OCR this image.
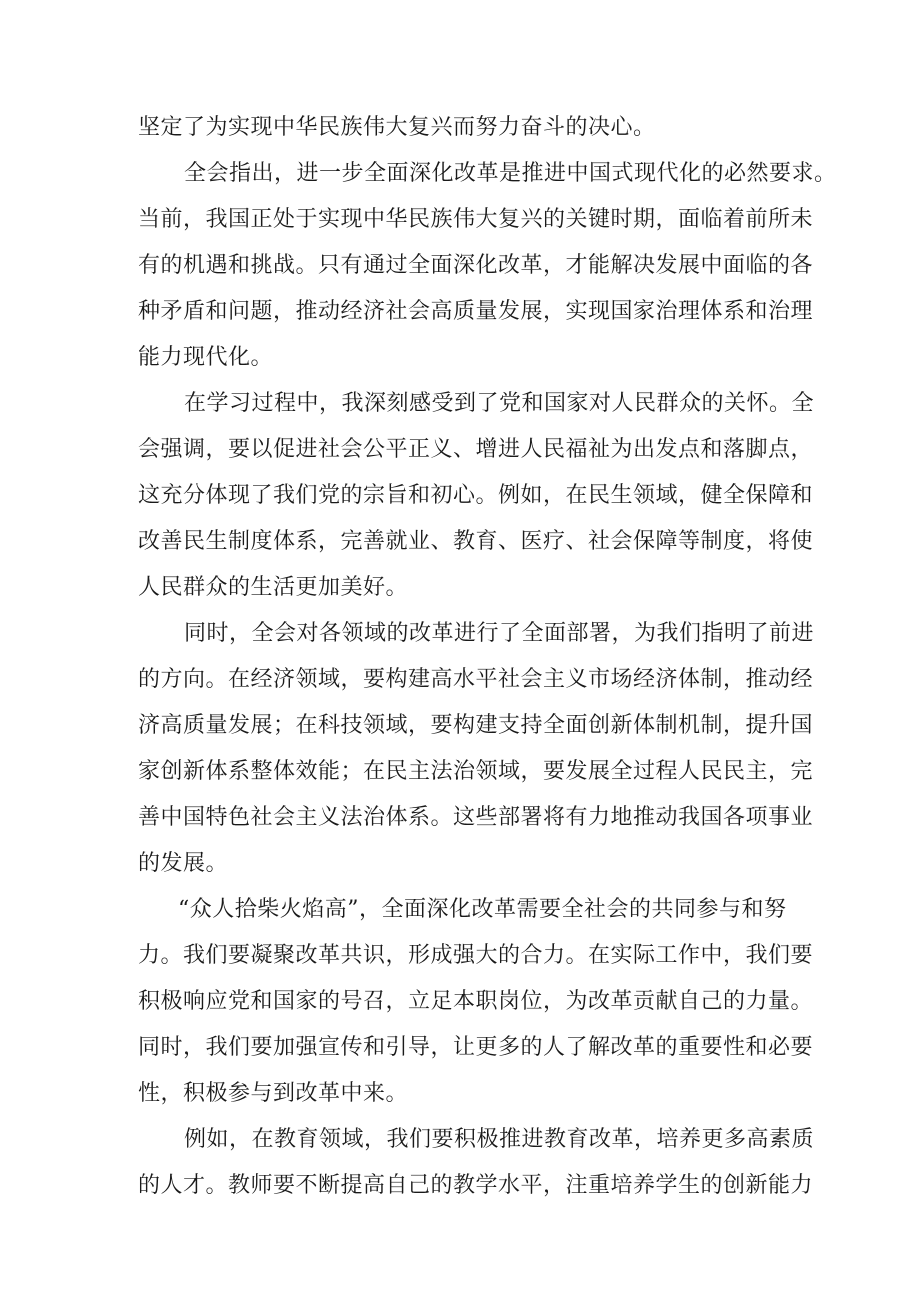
坚定了为实现中华民族伟大复兴而努力奋斗的决心。
全会指出，进一步全面深化改革是推进中国式现代化的必然要求。
当前，我国正处于实现中华民族伟大复兴的关键时期，面临着前所未
有的机遇和挑战。只有通过全面深化改革，才能解决发展中面临的各
种矛盾和问题，推动经济社会高质量发展，实现国家治理体系和治理
能力现代化。
在学习过程中，我深刻感受到了党和国家对人民群众的关怀。全
会强调，要以促进社会公平正义、增进人民福祉为出发点和落脚点，
这充分体现了我们党的宗旨和初心。例如，在民生领域，健全保障和
改善民生制度体系，完善就业、教育、医疗、社会保障等制度，将使
人民群众的生活更加美好。
同时，全会对各领域的改革进行了全面部署，为我们指明了前进
的方向。在经济领域，要构建高水平社会主义市场经济体制，推动经
济高质量发展；在科技领域，要构建支持全面创新体制机制，提升国
家创新体系整体效能；在民主法治领域，要发展全过程人民民主，完
善中国特色社会主义法治体系。这些部署将有力地推动我国各项事业
的发展。
“众人拾柴火焰高”，全面深化改革需要全社会的共同参与和努
力。我们要凝聚改革共识，形成强大的合力。在实际工作中，我们要
积极响应党和国家的号召，立足本职岗位，为改革贡献自己的力量。
同时，我们要加强宣传和引导，让更多的人了解改革的重要性和必要
性，积极参与到改革中来。
例如，在教育领域，我们要积极推进教育改革，培养更多高素质
的人才。教师要不断提高自己的教学水平，注重培养学生的创新能力
